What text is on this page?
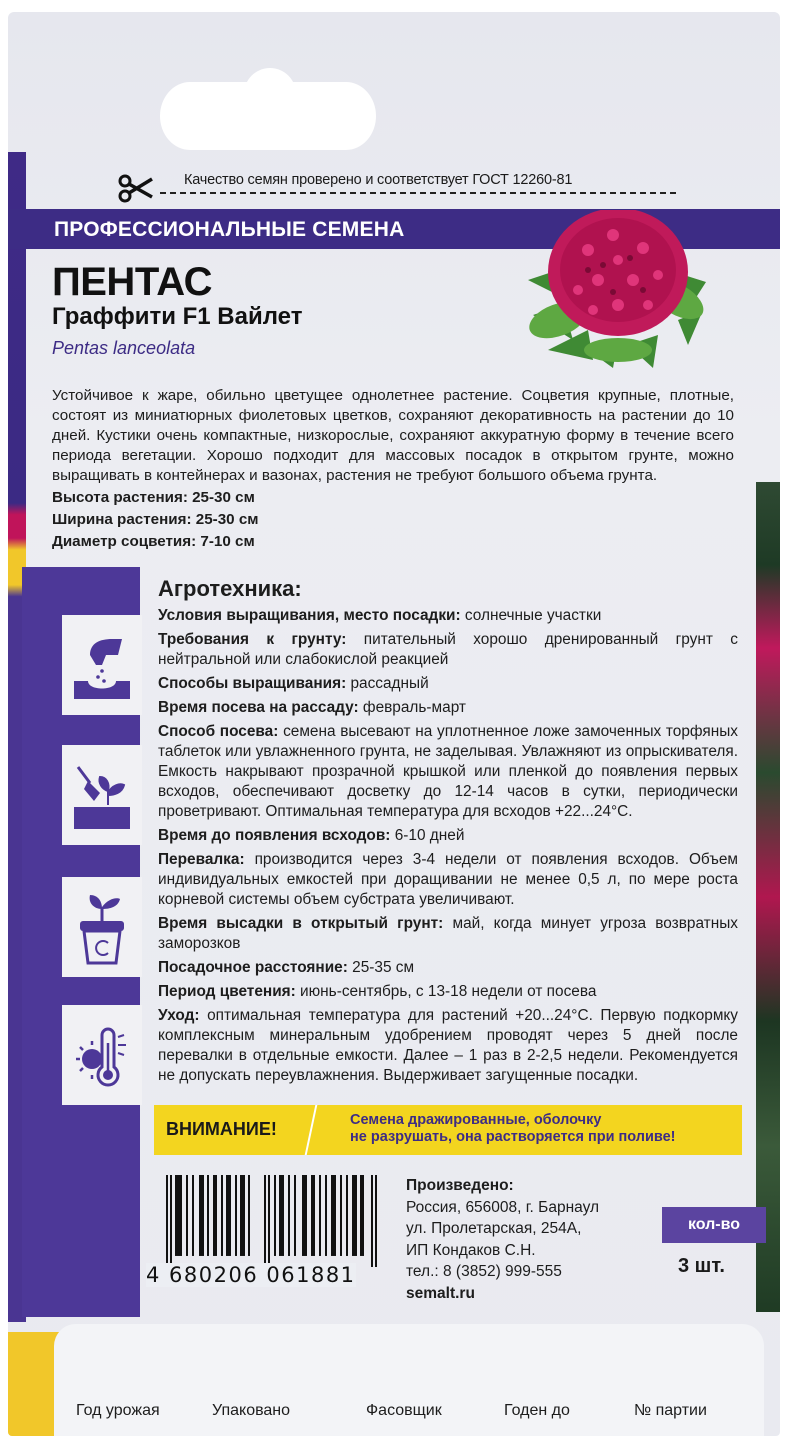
Качество семян проверено и соответствует ГОСТ 12260-81
ПРОФЕССИОНАЛЬНЫЕ СЕМЕНА
ПЕНТАС
Граффити F1 Вайлет
Pentas lanceolata
Устойчивое к жаре, обильно цветущее однолетнее растение. Соцветия крупные, плотные, состоят из миниатюрных фиолетовых цветков, сохраняют декоративность на растении до 10 дней. Кустики очень компактные, низкорослые, сохраняют аккуратную форму в течение всего периода вегетации. Хорошо подходит для массовых посадок в открытом грунте, можно выращивать в контейнерах и вазонах, растения не требуют большого объема грунта.
Высота растения: 25-30 см
Ширина растения: 25-30 см
Диаметр соцветия: 7-10 см
Агротехника:
Условия выращивания, место посадки: солнечные участки
Требования к грунту: питательный хорошо дренированный грунт с нейтральной или слабокислой реакцией
Способы выращивания: рассадный
Время посева на рассаду: февраль-март
Способ посева: семена высевают на уплотненное ложе замоченных торфяных таблеток или увлажненного грунта, не заделывая. Увлажняют из опрыскивателя. Емкость накрывают прозрачной крышкой или пленкой до появления первых всходов, обеспечивают досветку до 12-14 часов в сутки, периодически проветривают. Оптимальная температура для всходов +22...24°С.
Время до появления всходов: 6-10 дней
Перевалка: производится через 3-4 недели от появления всходов. Объем индивидуальных емкостей при доращивании не менее 0,5 л, по мере роста корневой системы объем субстрата увеличивают.
Время высадки в открытый грунт: май, когда минует угроза возвратных заморозков
Посадочное расстояние: 25-35 см
Период цветения: июнь-сентябрь, с 13-18 недели от посева
Уход: оптимальная температура для растений +20...24°С. Первую подкормку комплексным минеральным удобрением проводят через 5 дней после перевалки в отдельные емкости. Далее – 1 раз в 2-2,5 недели. Рекомендуется не допускать переувлажнения. Выдерживает загущенные посадки.
ВНИМАНИЕ!	Семена дражированные, оболочку
не разрушать, она растворяется при поливе!
4 680206 061881
Произведено:
Россия, 656008, г. Барнаул
ул. Пролетарская, 254А,
ИП Кондаков С.Н.
тел.: 8 (3852) 999-555
semalt.ru
кол-во
3 шт.
Год урожая	Упаковано	Фасовщик	Годен до	№ партии
